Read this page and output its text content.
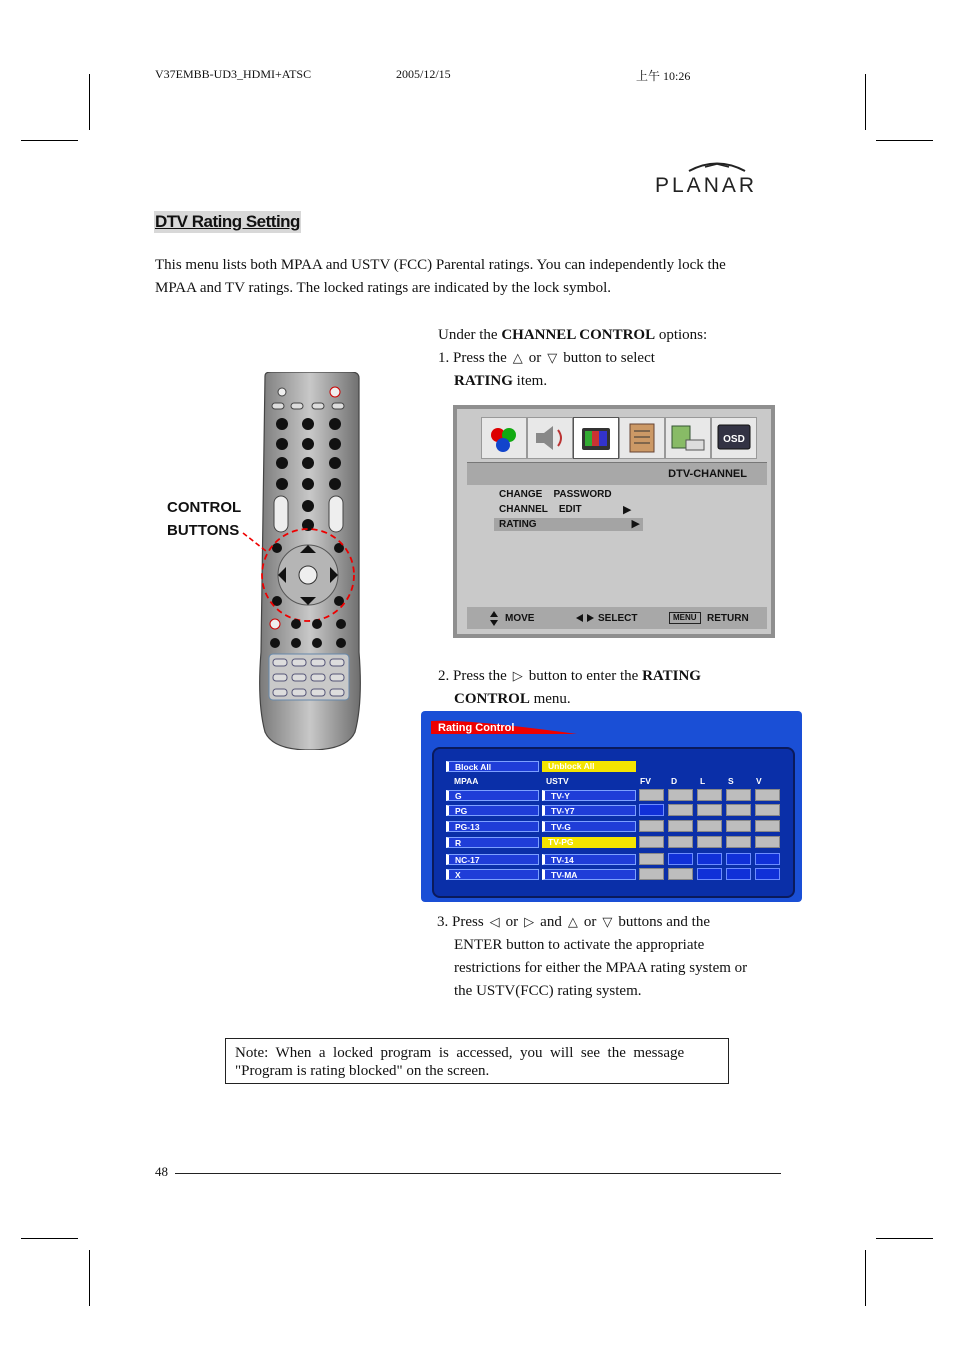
V37EMBB-UD3_HDMI+ATSC	2005/12/15	上午 10:26
PLANAR
DTV Rating Setting
This menu lists both MPAA and USTV (FCC) Parental ratings. You can independently lock the
MPAA and TV ratings. The locked ratings are indicated by the lock symbol.
Under the CHANNEL CONTROL options:
1. Press the △ or ▽ button to select
RATING item.
CONTROL
BUTTONS
OSD
DTV-CHANNEL
CHANGE    PASSWORD
CHANNEL    EDIT	▶
RATING	▶
MOVE	SELECT	MENU	RETURN
2. Press the ▷ button to enter the RATING
CONTROL menu.
Rating Control
Block All	Unblock All
MPAA	USTV	FV	D	L	S	V
G	TV-Y
PG	TV-Y7
PG-13	TV-G
R	TV-PG
NC-17	TV-14
X	TV-MA
3. Press ◁ or ▷ and △ or ▽ buttons and the
ENTER button to activate the appropriate
restrictions for either the MPAA rating system or
the USTV(FCC) rating system.
Note:  When  a  locked  program  is  accessed,  you  will  see  the  message
"Program is rating blocked" on the screen.
48
